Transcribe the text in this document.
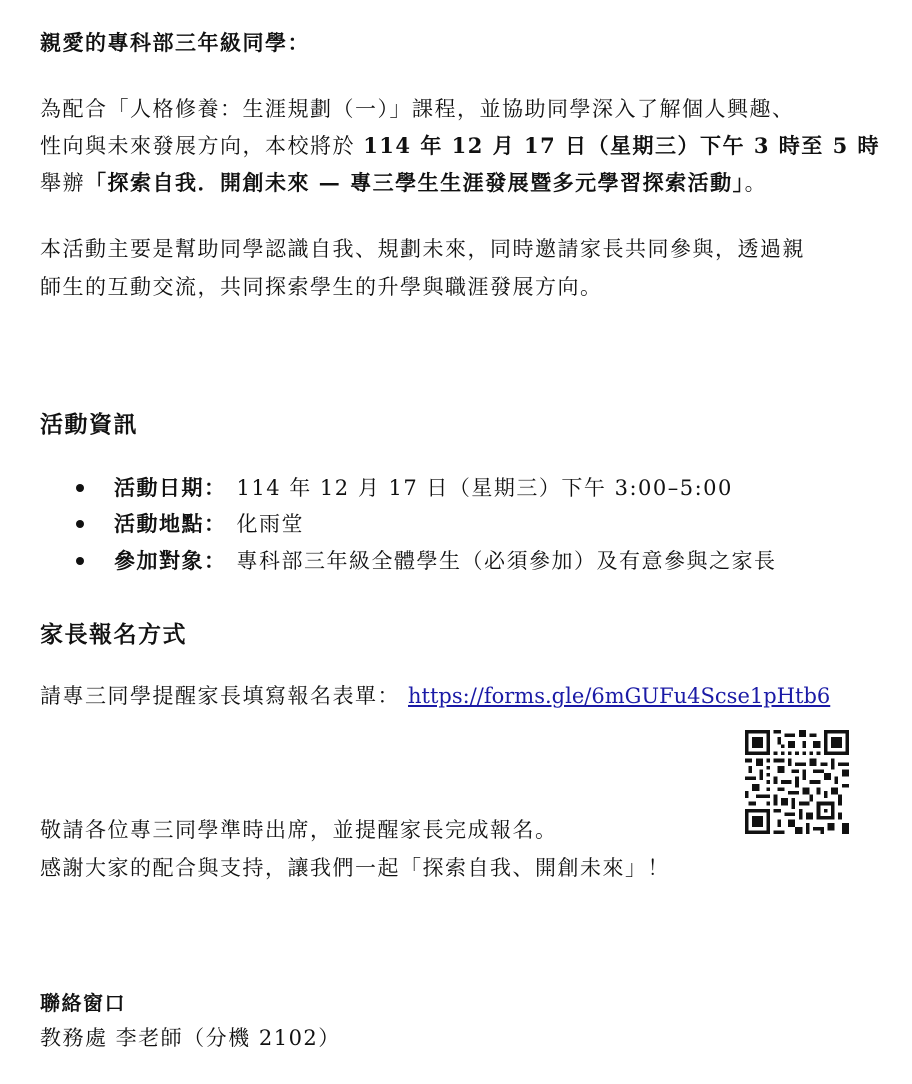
親愛的專科部三年級同學：
為配合「人格修養：生涯規劃（一）」課程，並協助同學深入了解個人興趣、
性向與未來發展方向，本校將於 114 年 12 月 17 日（星期三）下午 3 時至 5 時
舉辦「探索自我．開創未來 — 專三學生生涯發展暨多元學習探索活動」。
本活動主要是幫助同學認識自我、規劃未來，同時邀請家長共同參與，透過親
師生的互動交流，共同探索學生的升學與職涯發展方向。
活動資訊
活動日期： 114 年 12 月 17 日（星期三）下午 3:00–5:00
活動地點： 化雨堂
參加對象： 專科部三年級全體學生（必須參加）及有意參與之家長
家長報名方式
請專三同學提醒家長填寫報名表單： https://forms.gle/6mGUFu4Scse1pHtb6
敬請各位專三同學準時出席，並提醒家長完成報名。
感謝大家的配合與支持，讓我們一起「探索自我、開創未來」！
聯絡窗口
教務處 李老師（分機 2102）
